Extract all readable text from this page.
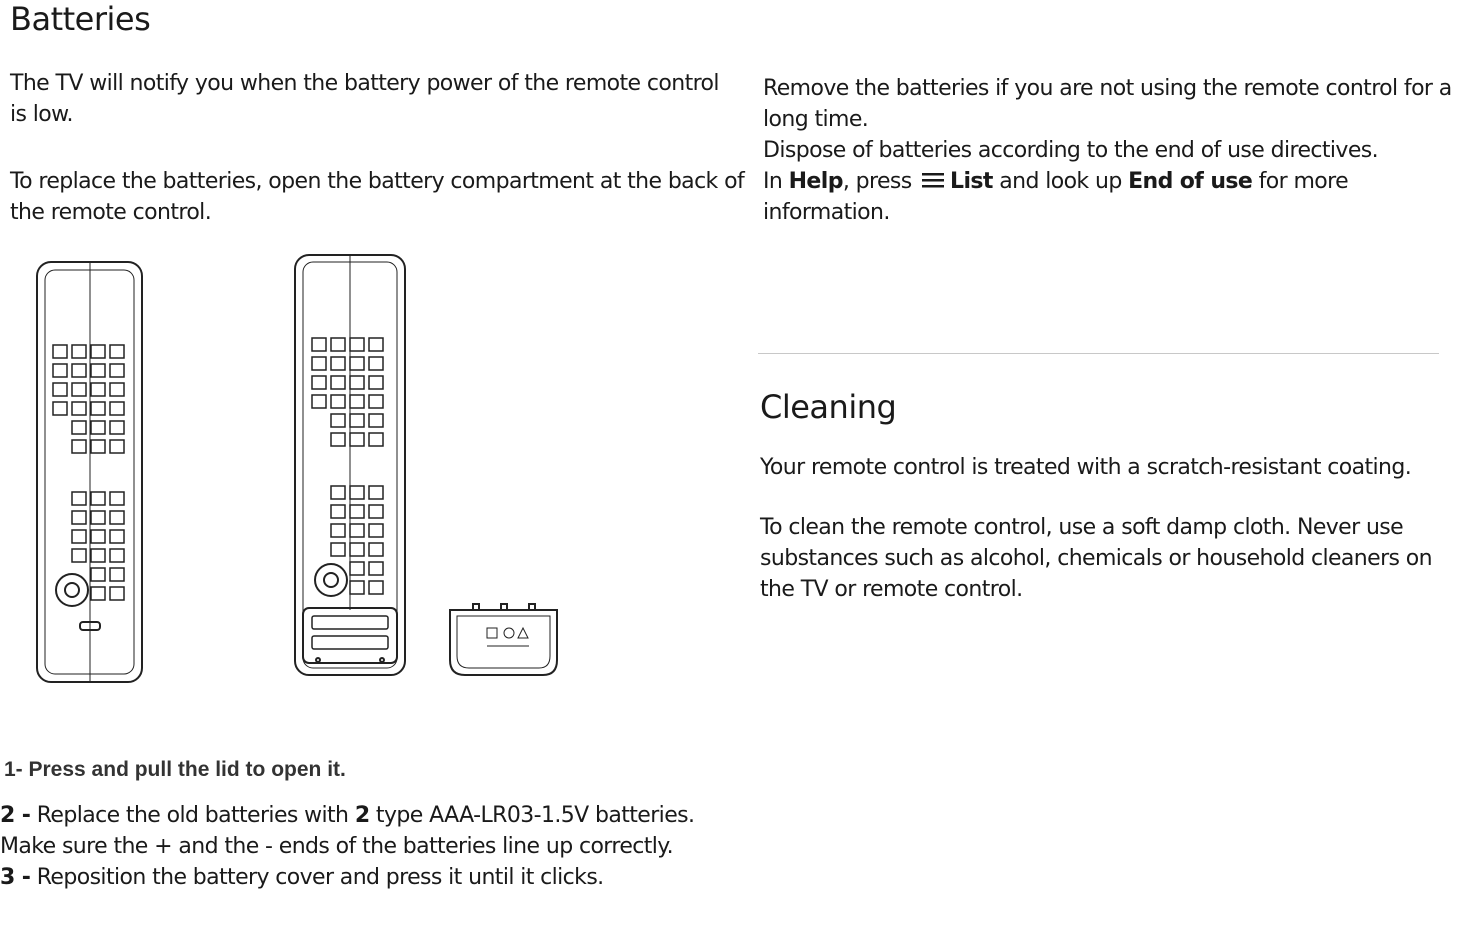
Batteries

The TV will notify you when the battery power of the remote control is low.

To replace the batteries, open the battery compartment at the back of the remote control.

1- Press and pull the lid to open it.
2 - Replace the old batteries with 2 type AAA-LR03-1.5V batteries. Make sure the + and the - ends of the batteries line up correctly.
3 - Reposition the battery cover and press it until it clicks.

Remove the batteries if you are not using the remote control for a long time.
Dispose of batteries according to the end of use directives.
In Help, press List and look up End of use for more information.

Cleaning

Your remote control is treated with a scratch-resistant coating.

To clean the remote control, use a soft damp cloth. Never use substances such as alcohol, chemicals or household cleaners on the TV or remote control.
